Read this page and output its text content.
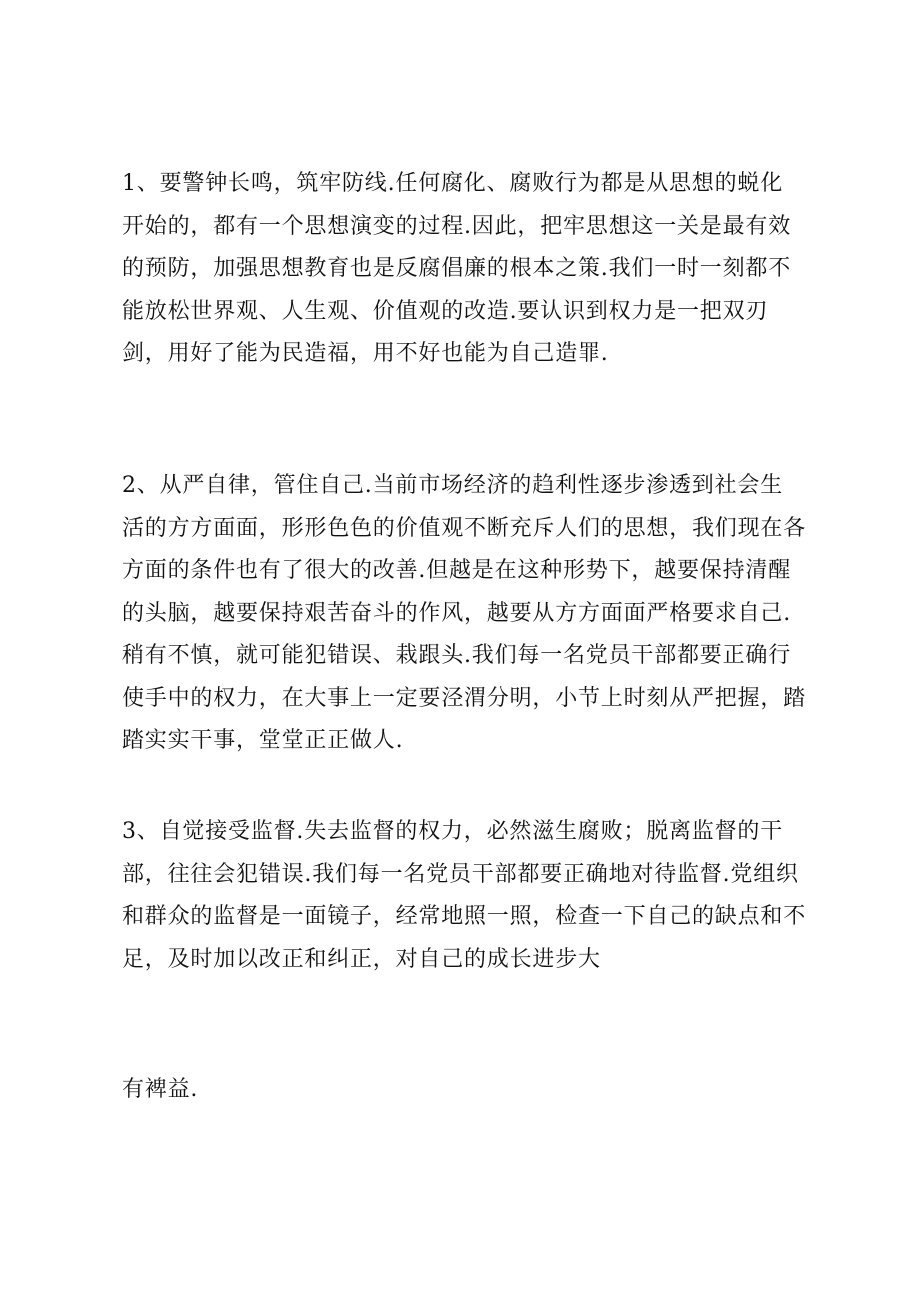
1、要警钟长鸣，筑牢防线.任何腐化、腐败行为都是从思想的蜕化
开始的，都有一个思想演变的过程.因此，把牢思想这一关是最有效
的预防，加强思想教育也是反腐倡廉的根本之策.我们一时一刻都不
能放松世界观、人生观、价值观的改造.要认识到权力是一把双刃
剑，用好了能为民造福，用不好也能为自己造罪.
2、从严自律，管住自己.当前市场经济的趋利性逐步渗透到社会生
活的方方面面，形形色色的价值观不断充斥人们的思想，我们现在各
方面的条件也有了很大的改善.但越是在这种形势下，越要保持清醒
的头脑，越要保持艰苦奋斗的作风，越要从方方面面严格要求自己.
稍有不慎，就可能犯错误、栽跟头.我们每一名党员干部都要正确行
使手中的权力，在大事上一定要泾渭分明，小节上时刻从严把握，踏
踏实实干事，堂堂正正做人.
3、自觉接受监督.失去监督的权力，必然滋生腐败；脱离监督的干
部，往往会犯错误.我们每一名党员干部都要正确地对待监督.党组织
和群众的监督是一面镜子，经常地照一照，检查一下自己的缺点和不
足，及时加以改正和纠正，对自己的成长进步大
有裨益.
